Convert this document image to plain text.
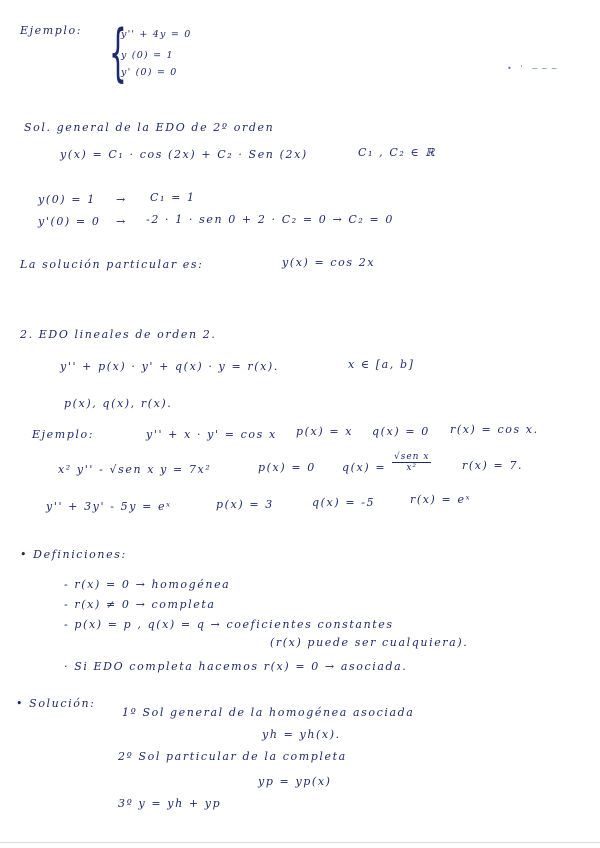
Ejemplo: {
y'' + 4y = 0
y (0) = 1
y' (0) = 0	• ‘ ~~~
Sol. general de la EDO de 2º orden
y(x) = C₁ · cos (2x) + C₂ · Sen (2x)	C₁ , C₂ ∈ ℝ
y(0) = 1 → C₁ = 1
y'(0) = 0 → -2 · 1 · sen 0 + 2 · C₂ = 0 → C₂ = 0
La solución particular es:	y(x) = cos 2x
2. EDO lineales de orden 2.
y'' + p(x) · y' + q(x) · y = r(x).	x ∈ [a, b]
p(x), q(x), r(x).
Ejemplo:	y'' + x · y' = cos x p(x) = x q(x) = 0 r(x) = cos x.
x² y'' - √sen x y = 7x²	p(x) = 0 q(x) =
√sen x
x²	r(x) = 7.
y'' + 3y' - 5y = eˣ	p(x) = 3	q(x) = -5	r(x) = eˣ
• Definiciones:
- r(x) = 0 → homogénea
- r(x) ≠ 0 → completa
- p(x) = p , q(x) = q → coeficientes constantes
(r(x) puede ser cualquiera).
· Si EDO completa hacemos r(x) = 0 → asociada.
• Solución:
1º Sol general de la homogénea asociada
yh = yh(x).
2º Sol particular de la completa
yp = yp(x)
3º y = yh + yp
